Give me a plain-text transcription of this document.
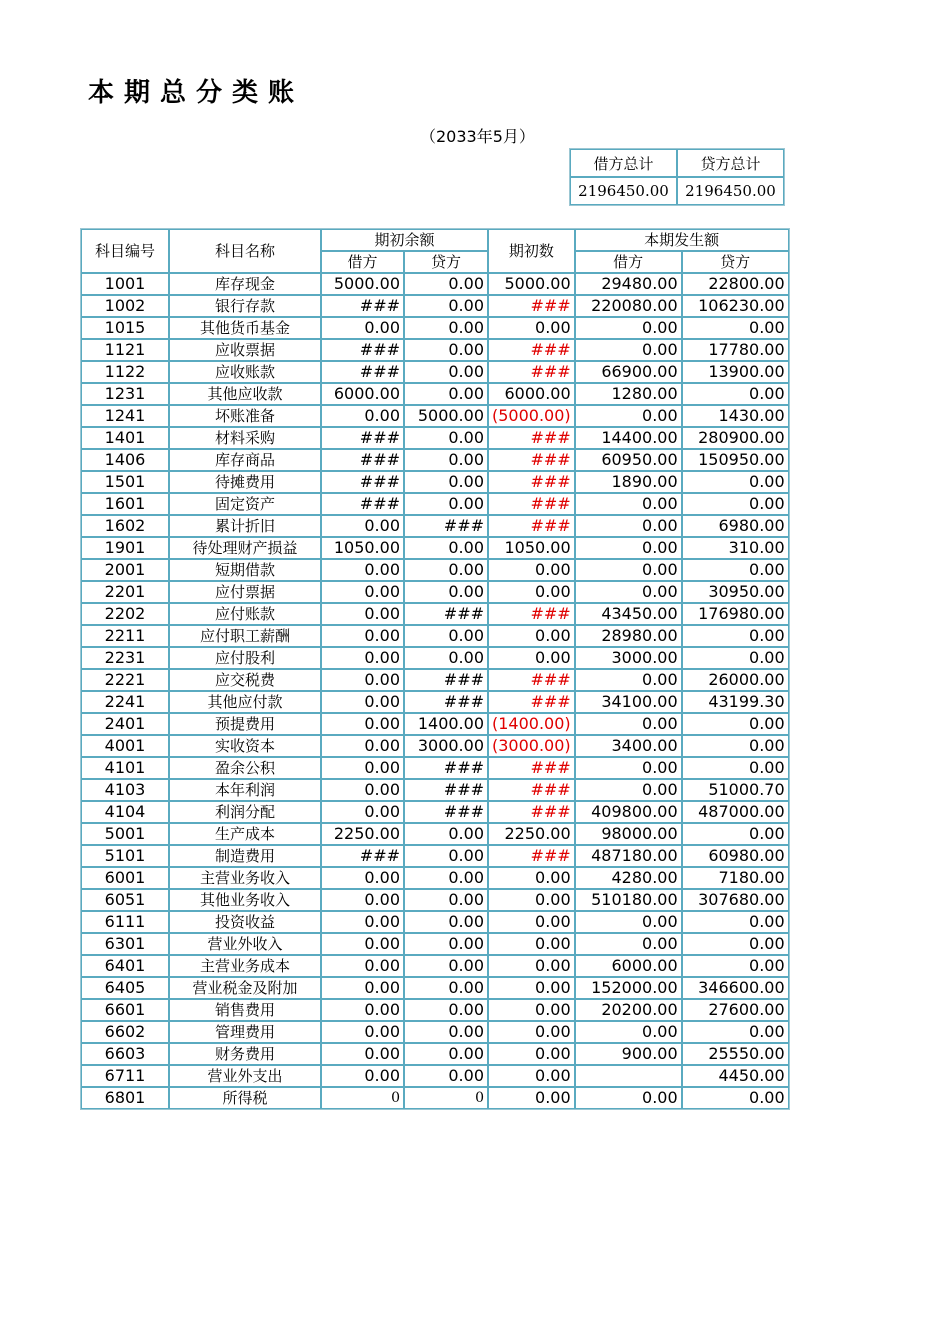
本期总分类账
（2033年5月）
借方总计	贷方总计
2196450.00	2196450.00
科目编号	科目名称	期初余额		期初数	本期发生额	
		借方	贷方		借方	贷方
1001	库存现金	5000.00	0.00	5000.00	29480.00	22800.00
1002	银行存款	###	0.00	###	220080.00	106230.00
1015	其他货币基金	0.00	0.00	0.00	0.00	0.00
1121	应收票据	###	0.00	###	0.00	17780.00
1122	应收账款	###	0.00	###	66900.00	13900.00
1231	其他应收款	6000.00	0.00	6000.00	1280.00	0.00
1241	坏账准备	0.00	5000.00	(5000.00)	0.00	1430.00
1401	材料采购	###	0.00	###	14400.00	280900.00
1406	库存商品	###	0.00	###	60950.00	150950.00
1501	待摊费用	###	0.00	###	1890.00	0.00
1601	固定资产	###	0.00	###	0.00	0.00
1602	累计折旧	0.00	###	###	0.00	6980.00
1901	待处理财产损益	1050.00	0.00	1050.00	0.00	310.00
2001	短期借款	0.00	0.00	0.00	0.00	0.00
2201	应付票据	0.00	0.00	0.00	0.00	30950.00
2202	应付账款	0.00	###	###	43450.00	176980.00
2211	应付职工薪酬	0.00	0.00	0.00	28980.00	0.00
2231	应付股利	0.00	0.00	0.00	3000.00	0.00
2221	应交税费	0.00	###	###	0.00	26000.00
2241	其他应付款	0.00	###	###	34100.00	43199.30
2401	预提费用	0.00	1400.00	(1400.00)	0.00	0.00
4001	实收资本	0.00	3000.00	(3000.00)	3400.00	0.00
4101	盈余公积	0.00	###	###	0.00	0.00
4103	本年利润	0.00	###	###	0.00	51000.70
4104	利润分配	0.00	###	###	409800.00	487000.00
5001	生产成本	2250.00	0.00	2250.00	98000.00	0.00
5101	制造费用	###	0.00	###	487180.00	60980.00
6001	主营业务收入	0.00	0.00	0.00	4280.00	7180.00
6051	其他业务收入	0.00	0.00	0.00	510180.00	307680.00
6111	投资收益	0.00	0.00	0.00	0.00	0.00
6301	营业外收入	0.00	0.00	0.00	0.00	0.00
6401	主营业务成本	0.00	0.00	0.00	6000.00	0.00
6405	营业税金及附加	0.00	0.00	0.00	152000.00	346600.00
6601	销售费用	0.00	0.00	0.00	20200.00	27600.00
6602	管理费用	0.00	0.00	0.00	0.00	0.00
6603	财务费用	0.00	0.00	0.00	900.00	25550.00
6711	营业外支出	0.00	0.00	0.00		4450.00
6801	所得税	0	0	0.00	0.00	0.00
